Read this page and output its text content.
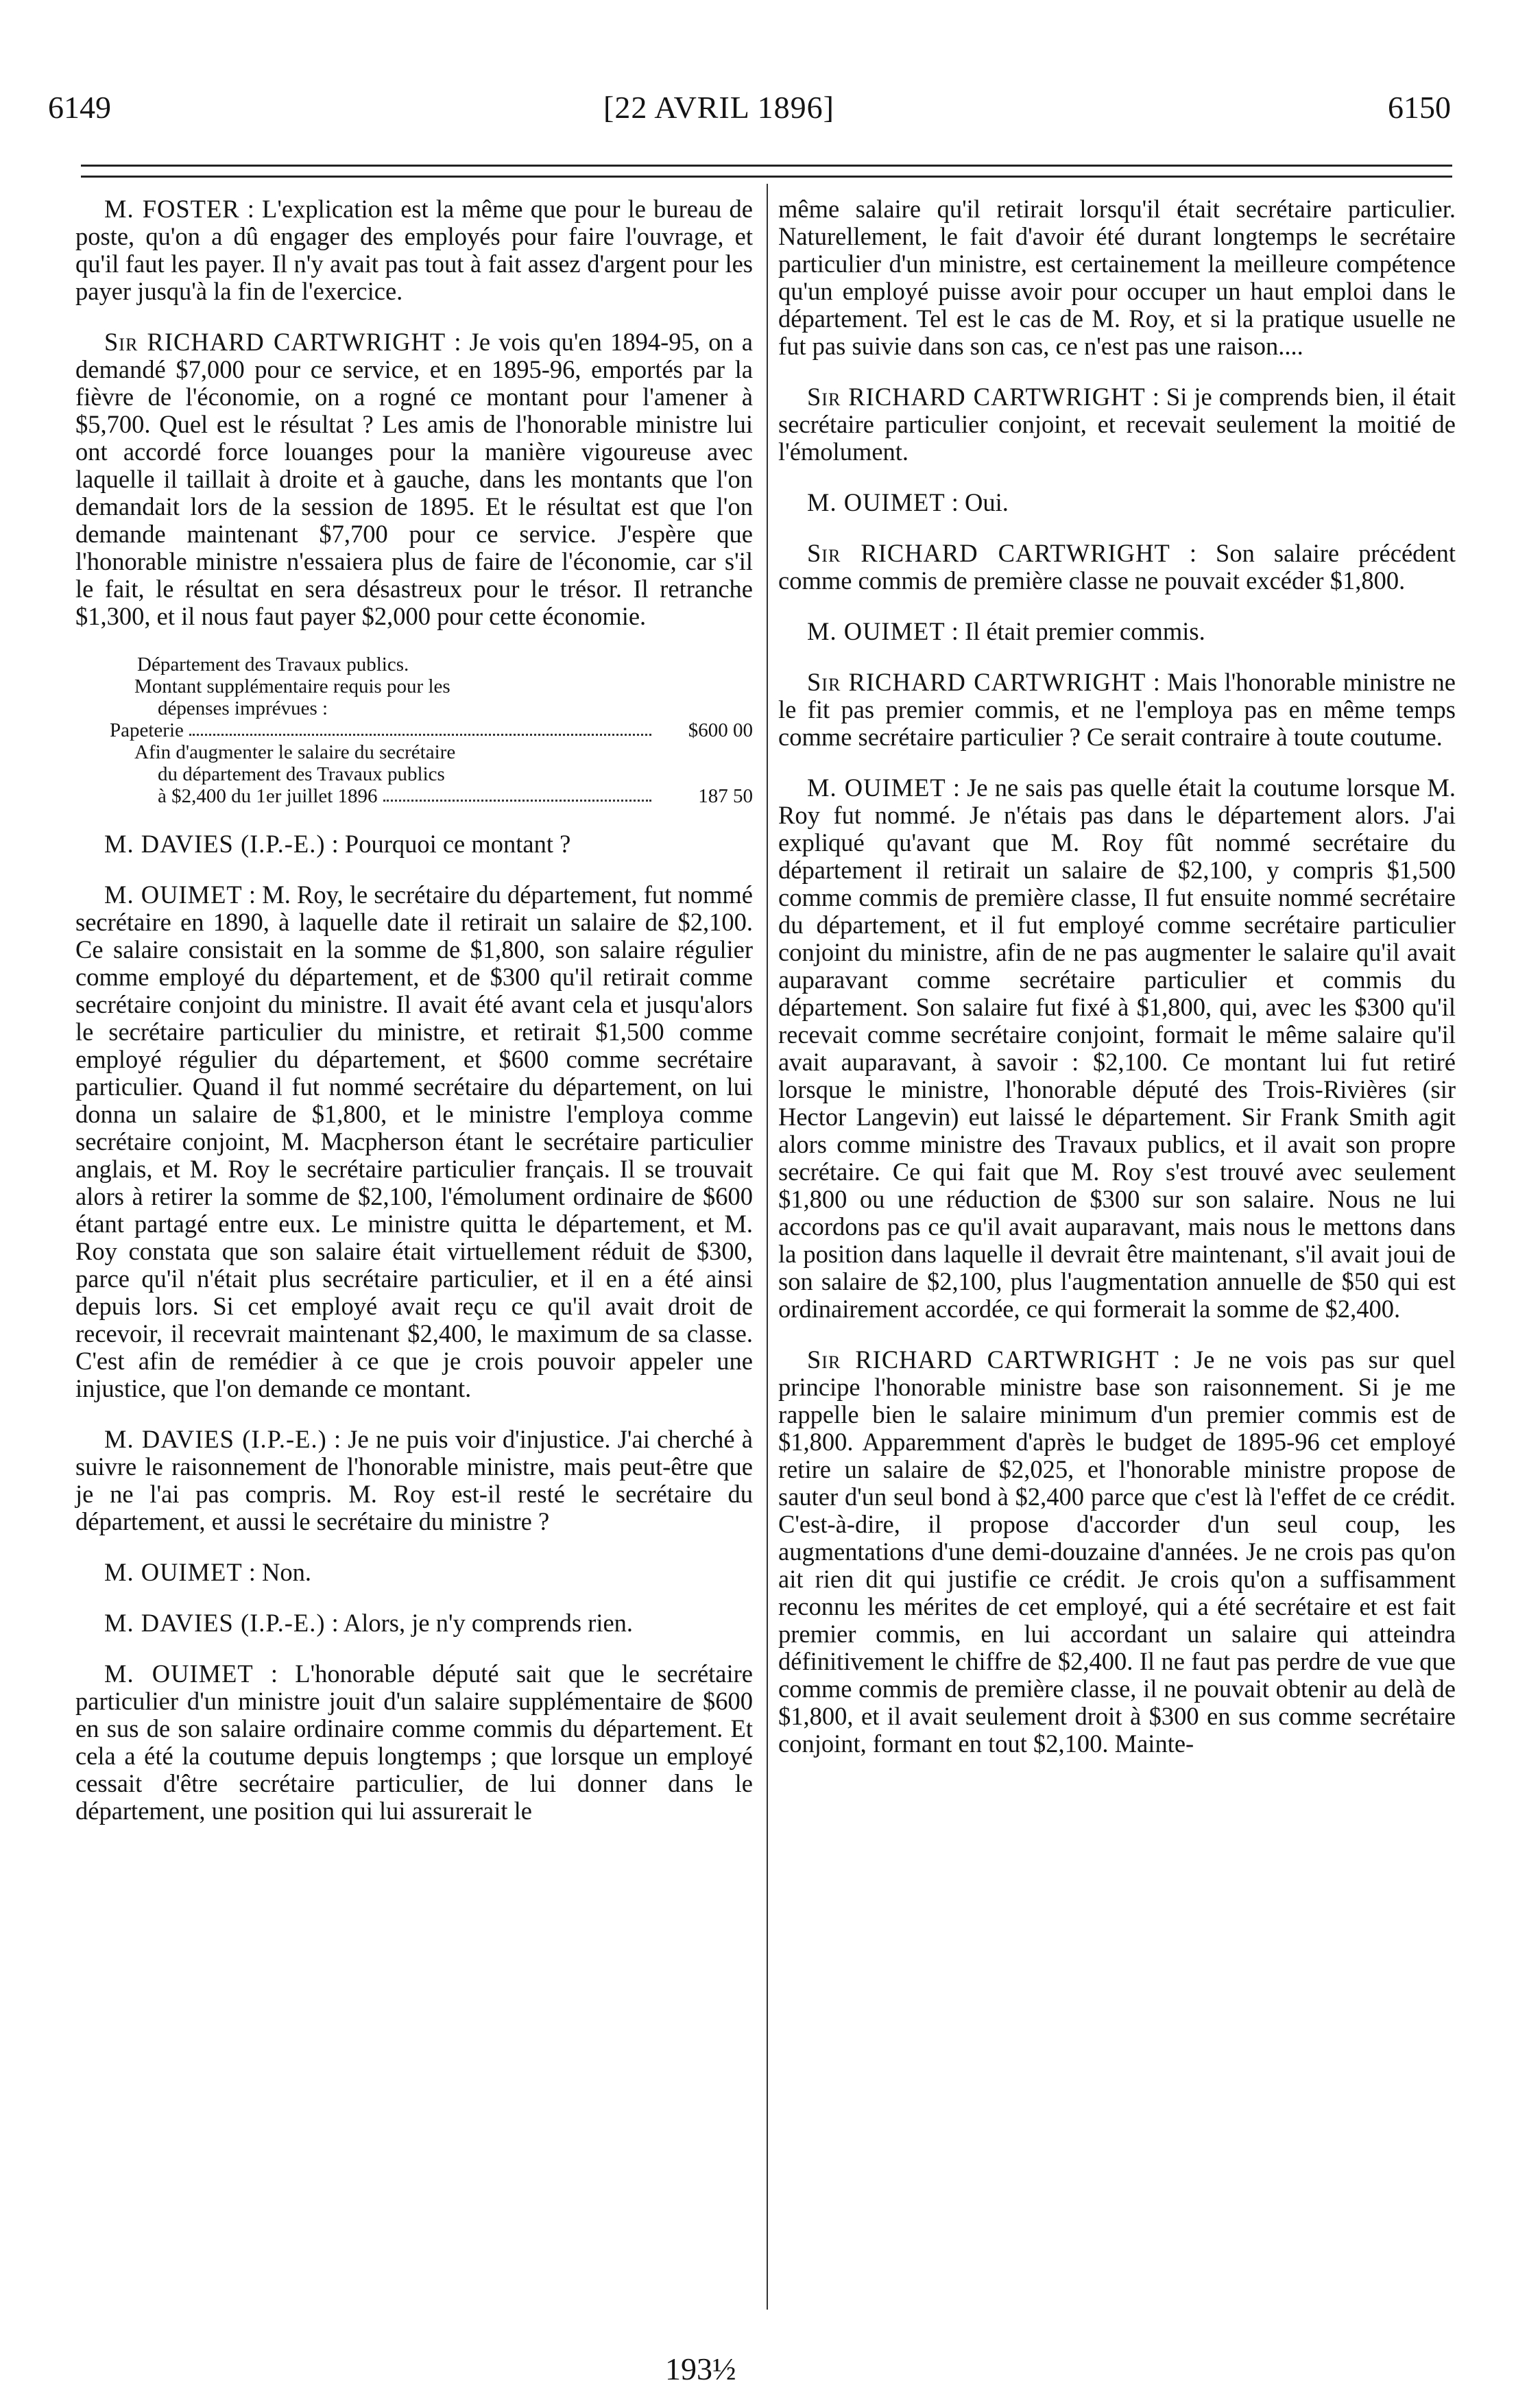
6149	[22 AVRIL 1896]	6150

M. FOSTER : L'explication est la même que pour le bureau de poste, qu'on a dû engager des employés pour faire l'ouvrage, et qu'il faut les payer. Il n'y avait pas tout à fait assez d'argent pour les payer jusqu'à la fin de l'exercice.

Sir RICHARD CARTWRIGHT : Je vois qu'en 1894-95, on a demandé $7,000 pour ce service, et en 1895-96, emportés par la fièvre de l'économie, on a rogné ce montant pour l'amener à $5,700. Quel est le résultat ? Les amis de l'honorable ministre lui ont accordé force louanges pour la manière vigoureuse avec laquelle il taillait à droite et à gauche, dans les montants que l'on demandait lors de la session de 1895. Et le résultat est que l'on demande maintenant $7,700 pour ce service. J'espère que l'honorable ministre n'essaiera plus de faire de l'économie, car s'il le fait, le résultat en sera désastreux pour le trésor. Il retranche $1,300, et il nous faut payer $2,000 pour cette économie.

Département des Travaux publics.
Montant supplémentaire requis pour les
dépenses imprévues :
Papeterie	$600 00
Afin d'augmenter le salaire du secrétaire
du département des Travaux publics
à $2,400 du 1er juillet 1896	187 50

M. DAVIES (I.P.-E.) : Pourquoi ce montant ?

M. OUIMET : M. Roy, le secrétaire du département, fut nommé secrétaire en 1890, à laquelle date il retirait un salaire de $2,100. Ce salaire consistait en la somme de $1,800, son salaire régulier comme employé du département, et de $300 qu'il retirait comme secrétaire conjoint du ministre. Il avait été avant cela et jusqu'alors le secrétaire particulier du ministre, et retirait $1,500 comme employé régulier du département, et $600 comme secrétaire particulier. Quand il fut nommé secrétaire du département, on lui donna un salaire de $1,800, et le ministre l'employa comme secrétaire conjoint, M. Macpherson étant le secrétaire particulier anglais, et M. Roy le secrétaire particulier français. Il se trouvait alors à retirer la somme de $2,100, l'émolument ordinaire de $600 étant partagé entre eux. Le ministre quitta le département, et M. Roy constata que son salaire était virtuellement réduit de $300, parce qu'il n'était plus secrétaire particulier, et il en a été ainsi depuis lors. Si cet employé avait reçu ce qu'il avait droit de recevoir, il recevrait maintenant $2,400, le maximum de sa classe. C'est afin de remédier à ce que je crois pouvoir appeler une injustice, que l'on demande ce montant.

M. DAVIES (I.P.-E.) : Je ne puis voir d'injustice. J'ai cherché à suivre le raisonnement de l'honorable ministre, mais peut-être que je ne l'ai pas compris. M. Roy est-il resté le secrétaire du département, et aussi le secrétaire du ministre ?

M. OUIMET : Non.

M. DAVIES (I.P.-E.) : Alors, je n'y comprends rien.

M. OUIMET : L'honorable député sait que le secrétaire particulier d'un ministre jouit d'un salaire supplémentaire de $600 en sus de son salaire ordinaire comme commis du département. Et cela a été la coutume depuis longtemps ; que lorsque un employé cessait d'être secrétaire particulier, de lui donner dans le département, une position qui lui assurerait le

même salaire qu'il retirait lorsqu'il était secrétaire particulier. Naturellement, le fait d'avoir été durant longtemps le secrétaire particulier d'un ministre, est certainement la meilleure compétence qu'un employé puisse avoir pour occuper un haut emploi dans le département. Tel est le cas de M. Roy, et si la pratique usuelle ne fut pas suivie dans son cas, ce n'est pas une raison....

Sir RICHARD CARTWRIGHT : Si je comprends bien, il était secrétaire particulier conjoint, et recevait seulement la moitié de l'émolument.

M. OUIMET : Oui.

Sir RICHARD CARTWRIGHT : Son salaire précédent comme commis de première classe ne pouvait excéder $1,800.

M. OUIMET : Il était premier commis.

Sir RICHARD CARTWRIGHT : Mais l'honorable ministre ne le fit pas premier commis, et ne l'employa pas en même temps comme secrétaire particulier ? Ce serait contraire à toute coutume.

M. OUIMET : Je ne sais pas quelle était la coutume lorsque M. Roy fut nommé. Je n'étais pas dans le département alors. J'ai expliqué qu'avant que M. Roy fût nommé secrétaire du département il retirait un salaire de $2,100, y compris $1,500 comme commis de première classe, Il fut ensuite nommé secrétaire du département, et il fut employé comme secrétaire particulier conjoint du ministre, afin de ne pas augmenter le salaire qu'il avait auparavant comme secrétaire particulier et commis du département. Son salaire fut fixé à $1,800, qui, avec les $300 qu'il recevait comme secrétaire conjoint, formait le même salaire qu'il avait auparavant, à savoir : $2,100. Ce montant lui fut retiré lorsque le ministre, l'honorable député des Trois-Rivières (sir Hector Langevin) eut laissé le département. Sir Frank Smith agit alors comme ministre des Travaux publics, et il avait son propre secrétaire. Ce qui fait que M. Roy s'est trouvé avec seulement $1,800 ou une réduction de $300 sur son salaire. Nous ne lui accordons pas ce qu'il avait auparavant, mais nous le mettons dans la position dans laquelle il devrait être maintenant, s'il avait joui de son salaire de $2,100, plus l'augmentation annuelle de $50 qui est ordinairement accordée, ce qui formerait la somme de $2,400.

Sir RICHARD CARTWRIGHT : Je ne vois pas sur quel principe l'honorable ministre base son raisonnement. Si je me rappelle bien le salaire minimum d'un premier commis est de $1,800. Apparemment d'après le budget de 1895-96 cet employé retire un salaire de $2,025, et l'honorable ministre propose de sauter d'un seul bond à $2,400 parce que c'est là l'effet de ce crédit. C'est-à-dire, il propose d'accorder d'un seul coup, les augmentations d'une demi-douzaine d'années. Je ne crois pas qu'on ait rien dit qui justifie ce crédit. Je crois qu'on a suffisamment reconnu les mérites de cet employé, qui a été secrétaire et est fait premier commis, en lui accordant un salaire qui atteindra définitivement le chiffre de $2,400. Il ne faut pas perdre de vue que comme commis de première classe, il ne pouvait obtenir au delà de $1,800, et il avait seulement droit à $300 en sus comme secrétaire conjoint, formant en tout $2,100. Mainte-

193½
